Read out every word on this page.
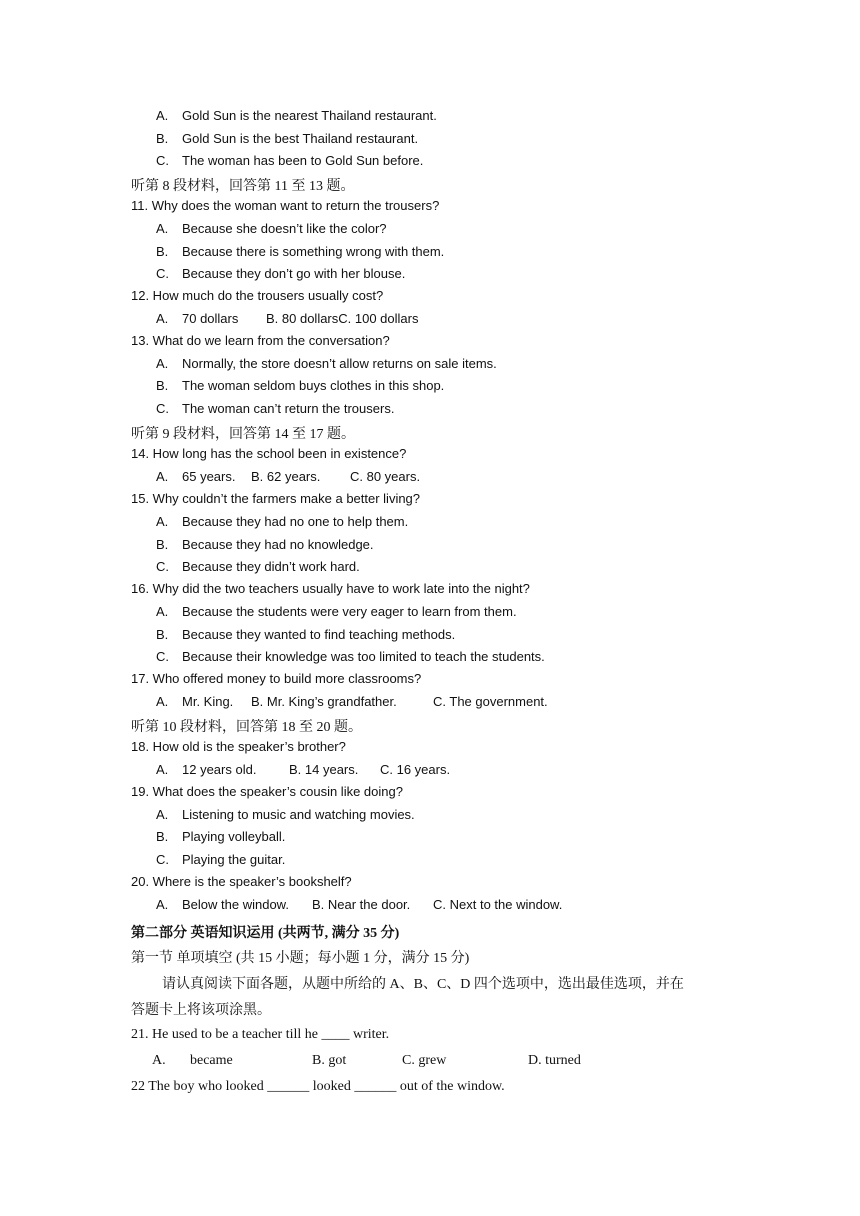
A. Gold Sun is the nearest Thailand restaurant.
B. Gold Sun is the best Thailand restaurant.
C. The woman has been to Gold Sun before.
听第 8 段材料，回答第 11 至 13 题。
11. Why does the woman want to return the trousers?
A. Because she doesn’t like the color?
B. Because there is something wrong with them.
C. Because they don’t go with her blouse.
12. How much do the trousers usually cost?
A. 70 dollars B. 80 dollarsC. 100 dollars
13. What do we learn from the conversation?
A. Normally, the store doesn’t allow returns on sale items.
B. The woman seldom buys clothes in this shop.
C. The woman can’t return the trousers.
听第 9 段材料，回答第 14 至 17 题。
14. How long has the school been in existence?
A. 65 years. B. 62 years. C. 80 years.
15. Why couldn’t the farmers make a better living?
A. Because they had no one to help them.
B. Because they had no knowledge.
C. Because they didn’t work hard.
16. Why did the two teachers usually have to work late into the night?
A. Because the students were very eager to learn from them.
B. Because they wanted to find teaching methods.
C. Because their knowledge was too limited to teach the students.
17. Who offered money to build more classrooms?
A. Mr. King. B. Mr. King’s grandfather.	C. The government.
听第 10 段材料，回答第 18 至 20 题。
18. How old is the speaker’s brother?
A. 12 years old.	B. 14 years. C. 16 years.
19. What does the speaker’s cousin like doing?
A. Listening to music and watching movies.
B. Playing volleyball.
C. Playing the guitar.
20. Where is the speaker’s bookshelf?
A. Below the window. B. Near the door. C. Next to the window.
第二部分 英语知识运用 (共两节, 满分 35 分)
第一节 单项填空 (共 15 小题；每小题 1 分，满分 15 分)
请认真阅读下面各题，从题中所给的 A、B、C、D 四个选项中，选出最佳选项，并在
答题卡上将该项涂黑。
21. He used to be a teacher till he ____ writer.
A. became	B. got	C. grew	D. turned
22 The boy who looked ______ looked ______ out of the window.
